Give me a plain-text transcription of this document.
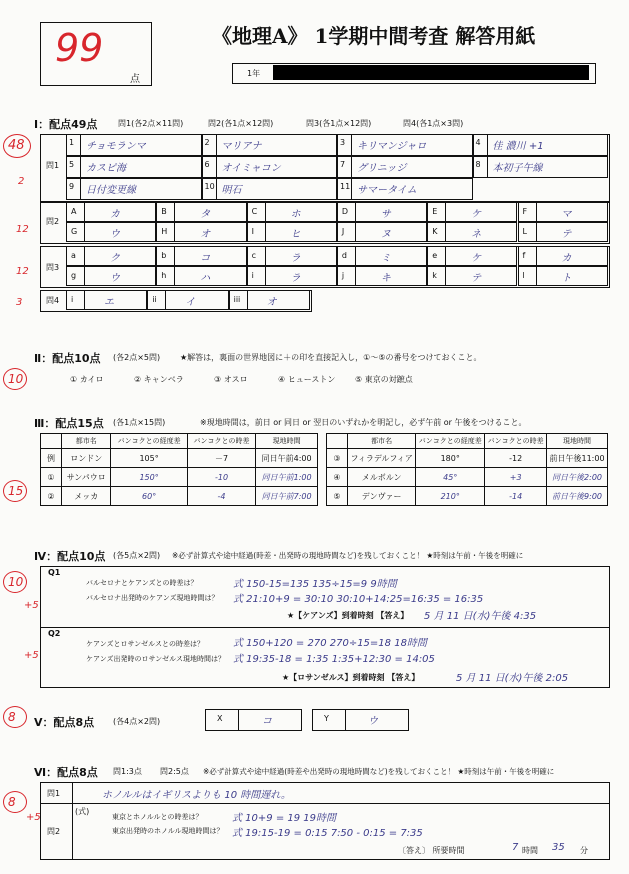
99
点
《地理A》 1学期中間考査 解答用紙
1年
Ⅰ：配点49点	問1(各2点×11問)	問2(各1点×12問)	問3(各1点×12問)	問4(各1点×3問)
48
2
12
12
3
問1
問2
問3
問4
Ⅱ：配点10点 (各2点×5問) ★解答は，裏面の世界地図に＋の印を直接記入し，①～⑤の番号をつけておくこと。
① カイロ	② キャンベラ	③ オスロ	④ ヒューストン ⑤ 東京の対蹠点
10
Ⅲ：配点15点 (各1点×15問)	※現地時間は，前日 or 同日 or 翌日のいずれかを明記し，必ず午前 or 午後をつけること。
15
	都市名	バンコクとの経度差	バンコクとの時差	現地時間
例	ロンドン	105°	－7	同日午前4:00
①	サンパウロ	150°	-10	同日午前1:00
②	メッカ	60°	-4	同日午前7:00
	都市名	バンコクとの経度差	バンコクとの時差	現地時間
③	フィラデルフィア	180°	-12	前日午後11:00
④	メルボルン	45°	+3	同日午後2:00
⑤	デンヴァー	210°	-14	前日午後9:00
Ⅳ：配点10点 (各5点×2問) ※必ず計算式や途中経過(時差・出発時の現地時間など)を残しておくこと！ ★時刻は午前・午後を明確に
10
+5
+5
Q1
バルセロナとケアンズとの時差は？
バルセロナ出発時のケアンズ現地時間は？
式 150-15=135 135÷15=9 9時間
式 21:10+9 = 30:10 30:10+14:25=16:35 = 16:35
★【ケアンズ】到着時刻 【答え】 5 月 11 日(水)午後 4:35
Q2
ケアンズとロサンゼルスとの時差は？
ケアンズ出発時のロサンゼルス現地時間は？
式 150+120 = 270 270÷15=18 18時間
式 19:35-18 = 1:35 1:35+12:30 = 14:05
★【ロサンゼルス】到着時刻 【答え】	5 月 11 日(水)午後 2:05
Ⅴ：配点8点 (各4点×2問)
8	X	コ	Y	ウ
Ⅵ：配点8点 問1:3点 問2:5点 ※必ず計算式や途中経過(時差や出発時の現地時間など)を残しておくこと！ ★時刻は午前・午後を明確に
8
+5
問1	ホノルルはイギリスよりも 10 時間遅れ。
問2
(式)
東京とホノルルとの時差は？
東京出発時のホノルル現地時間は？
式 10+9 = 19 19時間
式 19:15-19 = 0:15 7:50 - 0:15 = 7:35
〔答え〕 所要時間	7 時間 35 分
1 チョモランマ	2 マリアナ	3 キリマンジャロ	4 佳 濃川 +1
5 カスピ海	6 オイミャコン	7 グリニッジ	8 本初子午線
9 日付変更線	10 明石	11 サマータイム
A	カ	B	タ	C	ホ	D	サ	E	ケ	F	マ
G	ウ	H	オ	I	ヒ	J	ヌ	K	ネ	L	テ
a	ク	b	コ	c	ラ	d	ミ	e	ケ	f	カ
g	ウ	h	ハ	i	ラ	j	キ	k	テ	l	ト
i	エ	ii	イ	iii	オ
